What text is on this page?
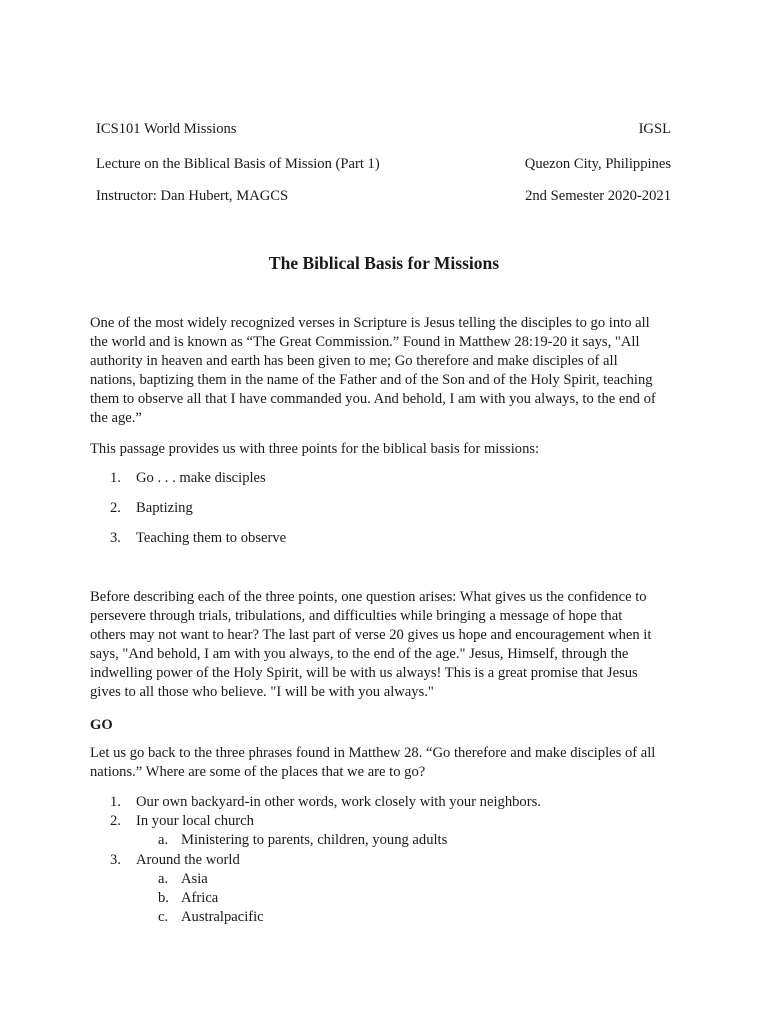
ICS101 World Missions	IGSL
Lecture on the Biblical Basis of Mission (Part 1)	Quezon City, Philippines
Instructor: Dan Hubert, MAGCS	2nd Semester 2020-2021
The Biblical Basis for Missions
One of the most widely recognized verses in Scripture is Jesus telling the disciples to go into all
the world and is known as “The Great Commission.” Found in Matthew 28:19-20 it says, "All
authority in heaven and earth has been given to me; Go therefore and make disciples of all
nations, baptizing them in the name of the Father and of the Son and of the Holy Spirit, teaching
them to observe all that I have commanded you. And behold, I am with you always, to the end of
the age.”
This passage provides us with three points for the biblical basis for missions:
1. Go . . . make disciples
2. Baptizing
3. Teaching them to observe
Before describing each of the three points, one question arises: What gives us the confidence to
persevere through trials, tribulations, and difficulties while bringing a message of hope that
others may not want to hear? The last part of verse 20 gives us hope and encouragement when it
says, "And behold, I am with you always, to the end of the age." Jesus, Himself, through the
indwelling power of the Holy Spirit, will be with us always! This is a great promise that Jesus
gives to all those who believe. "I will be with you always."
GO
Let us go back to the three phrases found in Matthew 28. “Go therefore and make disciples of all
nations.” Where are some of the places that we are to go?
1. Our own backyard-in other words, work closely with your neighbors.
2. In your local church
a. Ministering to parents, children, young adults
3. Around the world
a. Asia
b. Africa
c. Australpacific
